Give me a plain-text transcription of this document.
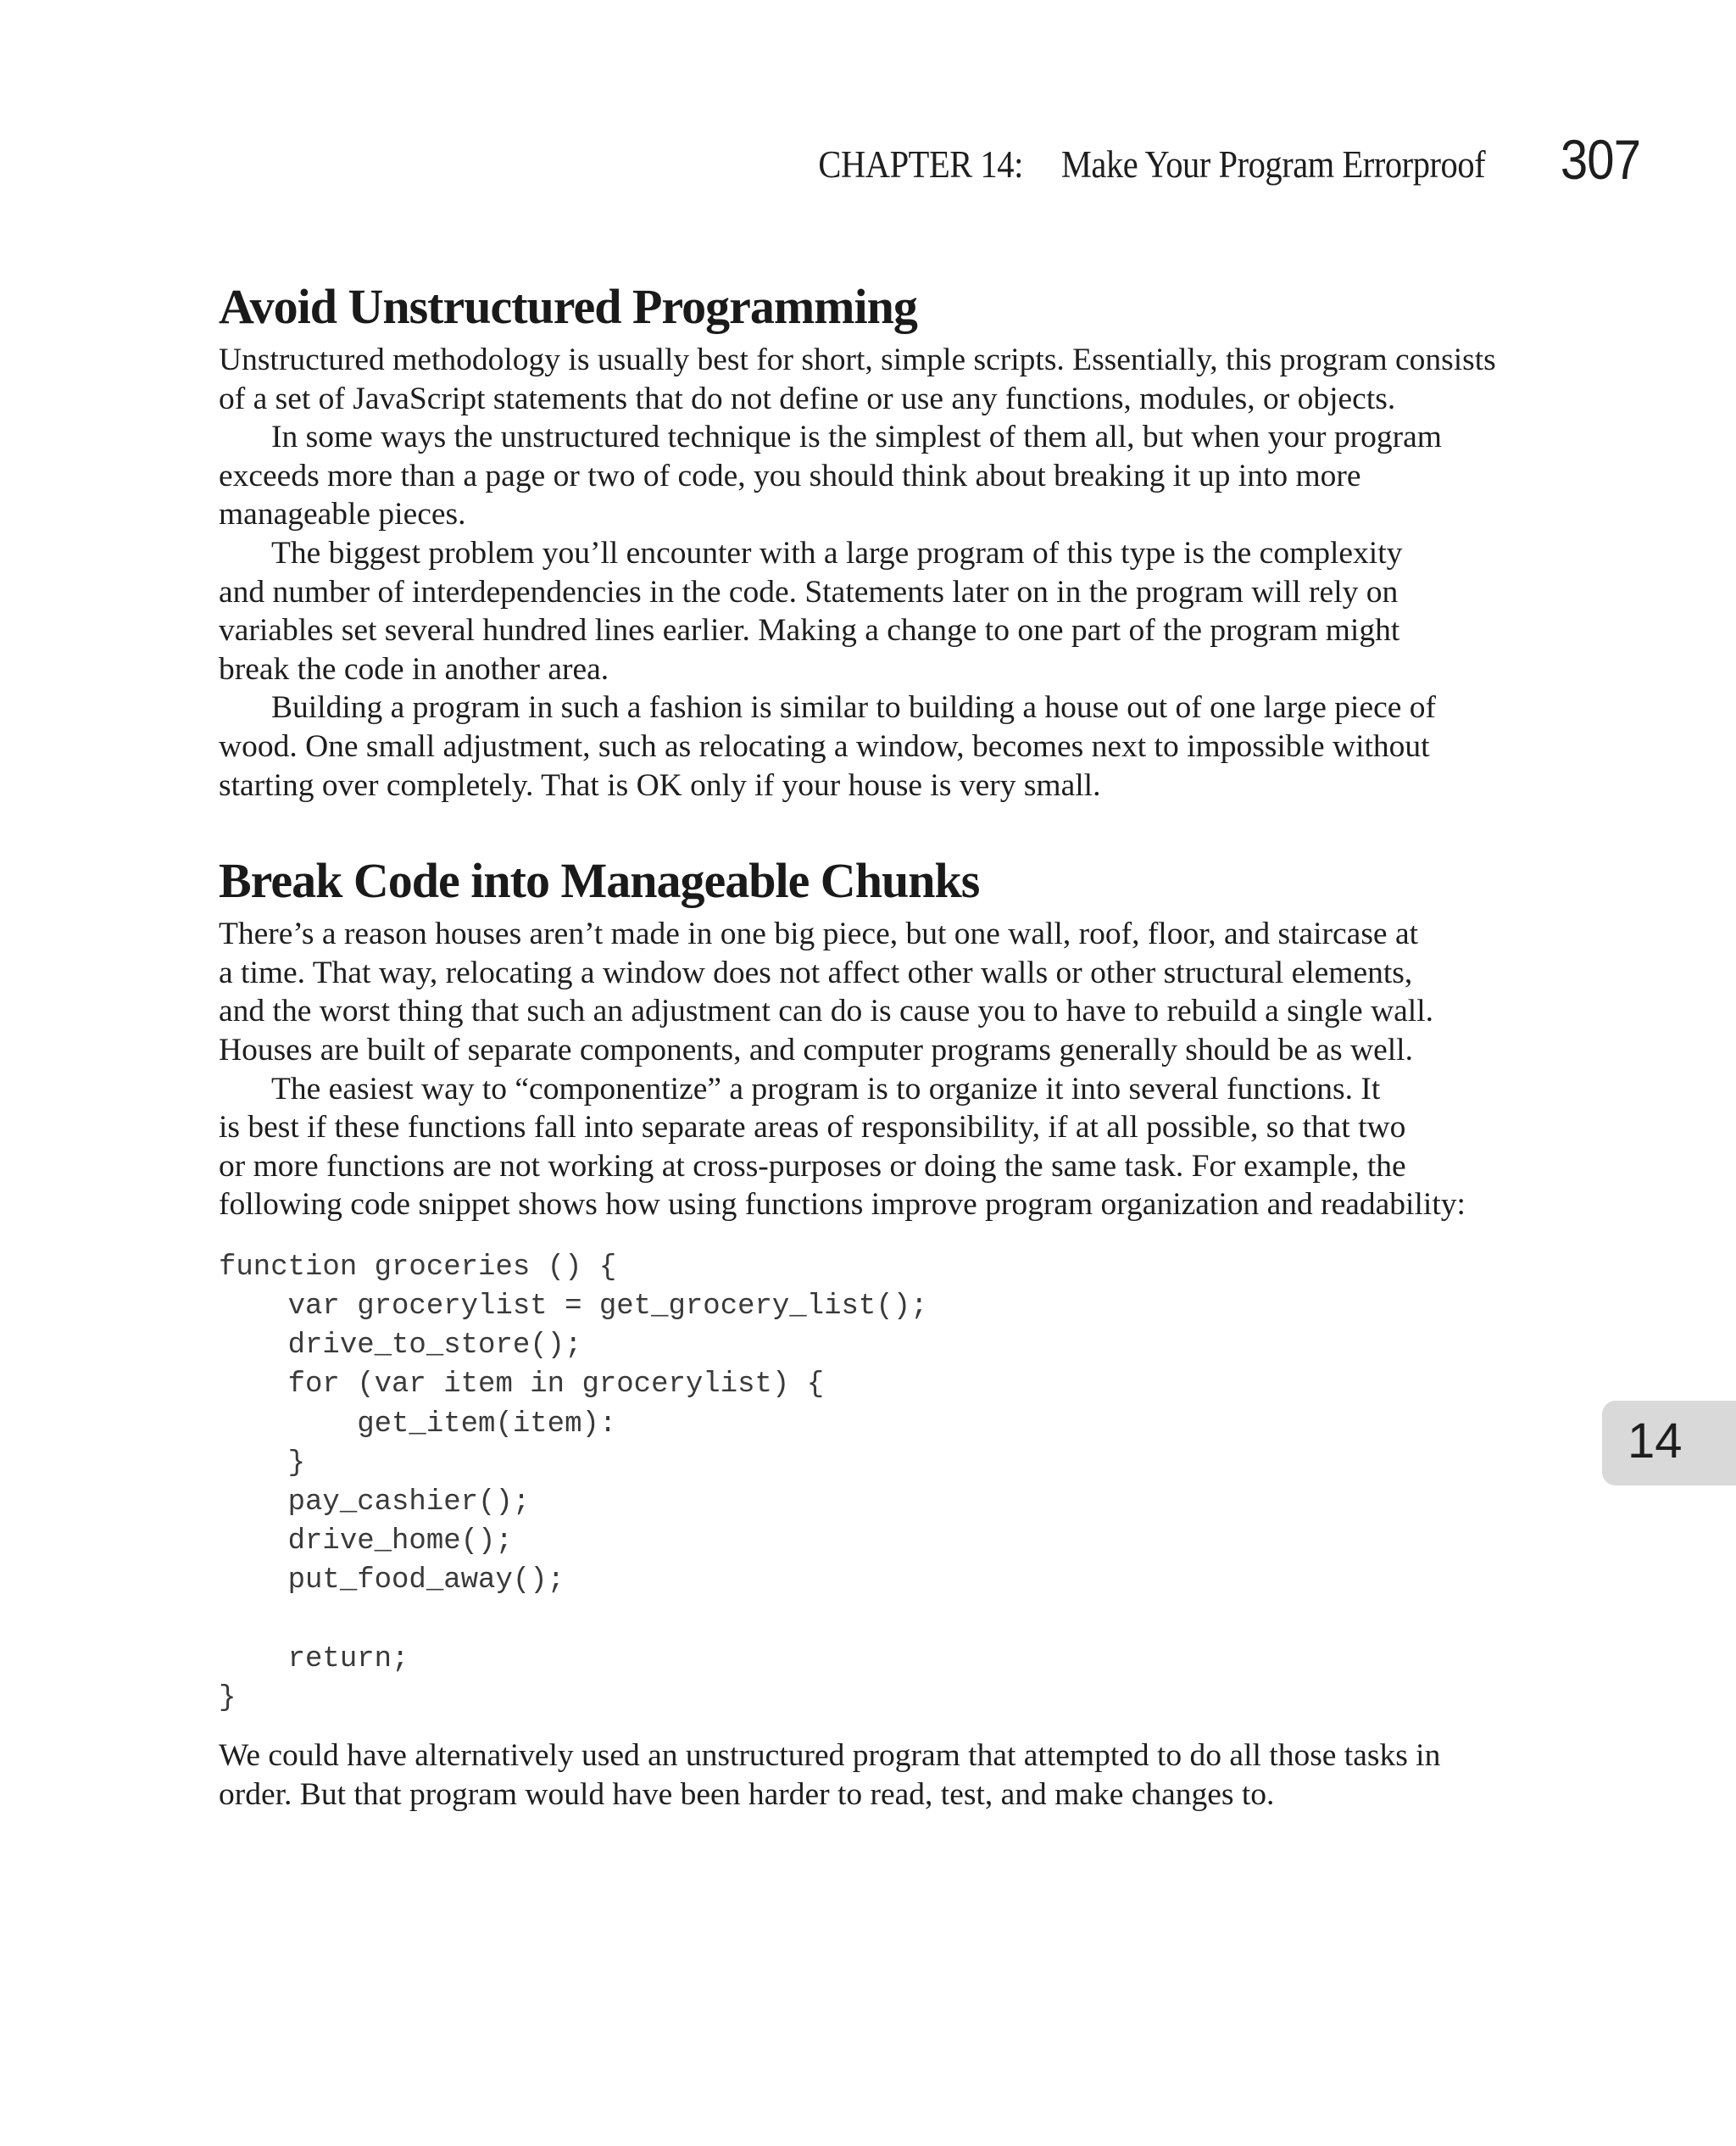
CHAPTER 14: Make Your Program Errorproof 307
Avoid Unstructured Programming

Unstructured methodology is usually best for short, simple scripts. Essentially, this program consists

of a set of JavaScript statements that do not define or use any functions, modules, or objects.

In some ways the unstructured technique is the simplest of them all, but when your program

exceeds more than a page or two of code, you should think about breaking it up into more

manageable pieces.

The biggest problem you’ll encounter with a large program of this type is the complexity

and number of interdependencies in the code. Statements later on in the program will rely on

variables set several hundred lines earlier. Making a change to one part of the program might

break the code in another area.

Building a program in such a fashion is similar to building a house out of one large piece of

wood. One small adjustment, such as relocating a window, becomes next to impossible without

starting over completely. That is OK only if your house is very small.

Break Code into Manageable Chunks

There’s a reason houses aren’t made in one big piece, but one wall, roof, floor, and staircase at

a time. That way, relocating a window does not affect other walls or other structural elements,

and the worst thing that such an adjustment can do is cause you to have to rebuild a single wall.

Houses are built of separate components, and computer programs generally should be as well.

The easiest way to “componentize” a program is to organize it into several functions. It

is best if these functions fall into separate areas of responsibility, if at all possible, so that two

or more functions are not working at cross-purposes or doing the same task. For example, the

following code snippet shows how using functions improve program organization and readability:

function groceries () {
var grocerylist = get_grocery_list();
drive_to_store();
for (var item in grocerylist) {
get_item(item):
}
pay_cashier();
drive_home();
put_food_away();
return;
}

We could have alternatively used an unstructured program that attempted to do all those tasks in

order. But that program would have been harder to read, test, and make changes to.

14
